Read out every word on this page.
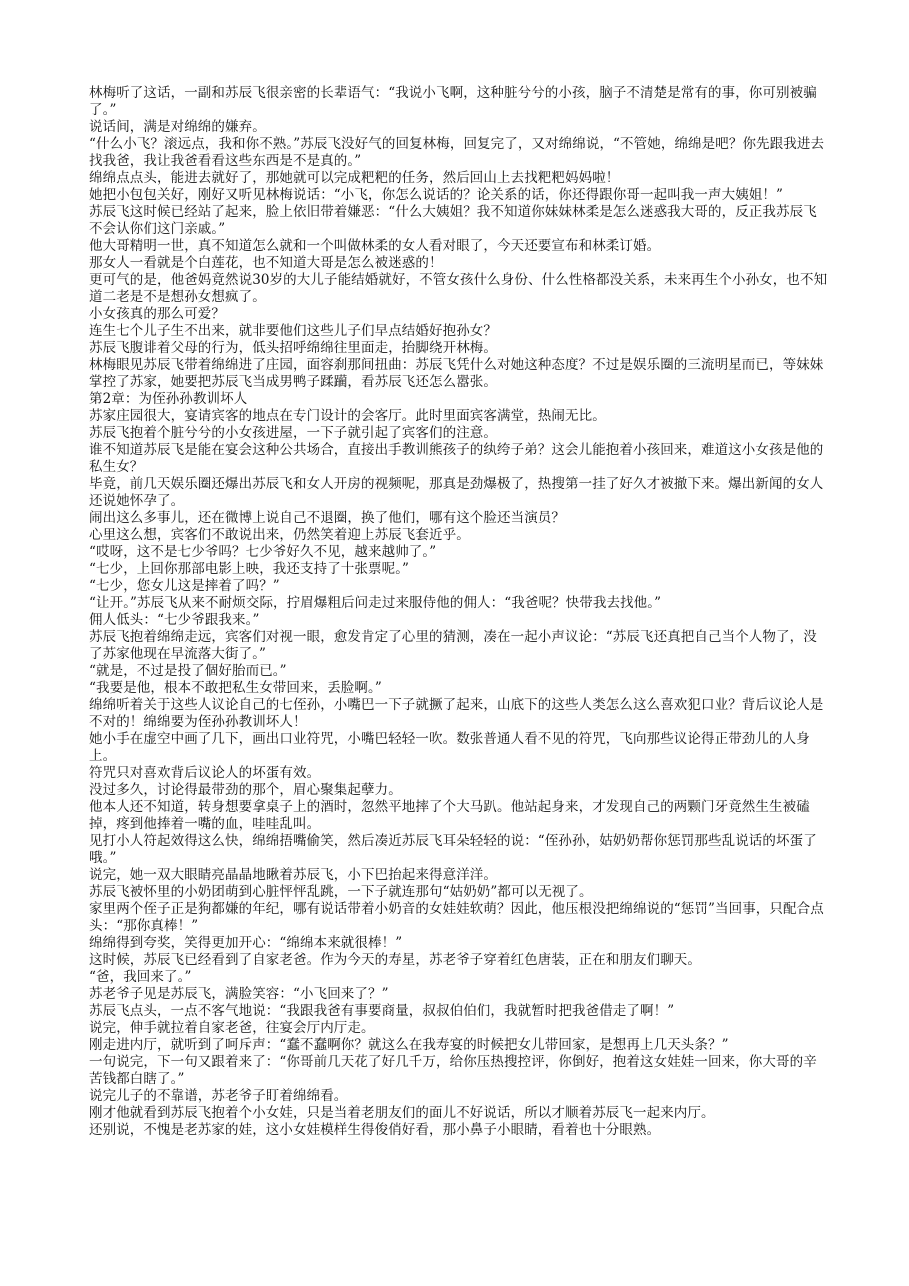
林梅听了这话，一副和苏辰飞很亲密的长辈语气：“我说小飞啊，这种脏兮兮的小孩，脑子不清楚是常有的事，你可别被骗了。”

说话间，满是对绵绵的嫌弃。

“什么小飞？滚远点，我和你不熟。”苏辰飞没好气的回复林梅，回复完了，又对绵绵说，“不管她，绵绵是吧？你先跟我进去找我爸，我让我爸看看这些东西是不是真的。”

绵绵点点头，能进去就好了，那她就可以完成粑粑的任务，然后回山上去找粑粑妈妈啦！

她把小包包关好，刚好又听见林梅说话：“小飞，你怎么说话的？论关系的话，你还得跟你哥一起叫我一声大姨姐！”

苏辰飞这时候已经站了起来，脸上依旧带着嫌恶：“什么大姨姐？我不知道你妹妹林柔是怎么迷惑我大哥的，反正我苏辰飞不会认你们这门亲戚。”

他大哥精明一世，真不知道怎么就和一个叫做林柔的女人看对眼了，今天还要宣布和林柔订婚。

那女人一看就是个白莲花，也不知道大哥是怎么被迷惑的！

更可气的是，他爸妈竟然说30岁的大儿子能结婚就好，不管女孩什么身份、什么性格都没关系，未来再生个小孙女，也不知道二老是不是想孙女想疯了。

小女孩真的那么可爱？

连生七个儿子生不出来，就非要他们这些儿子们早点结婚好抱孙女？

苏辰飞腹诽着父母的行为，低头招呼绵绵往里面走，抬脚绕开林梅。

林梅眼见苏辰飞带着绵绵进了庄园，面容刹那间扭曲：苏辰飞凭什么对她这种态度？不过是娱乐圈的三流明星而已，等妹妹掌控了苏家，她要把苏辰飞当成男鸭子蹂躏，看苏辰飞还怎么嚣张。

第2章：为侄孙孙教训坏人

苏家庄园很大，宴请宾客的地点在专门设计的会客厅。此时里面宾客满堂，热闹无比。

苏辰飞抱着个脏兮兮的小女孩进屋，一下子就引起了宾客们的注意。

谁不知道苏辰飞是能在宴会这种公共场合，直接出手教训熊孩子的纨绔子弟？这会儿能抱着小孩回来，难道这小女孩是他的私生女？

毕竟，前几天娱乐圈还爆出苏辰飞和女人开房的视频呢，那真是劲爆极了，热搜第一挂了好久才被撤下来。爆出新闻的女人还说她怀孕了。

闹出这么多事儿，还在微博上说自己不退圈，换了他们，哪有这个脸还当演员？

心里这么想，宾客们不敢说出来，仍然笑着迎上苏辰飞套近乎。

“哎呀，这不是七少爷吗？七少爷好久不见，越来越帅了。”

“七少，上回你那部电影上映，我还支持了十张票呢。”

“七少，您女儿这是摔着了吗？”

“让开。”苏辰飞从来不耐烦交际，拧眉爆粗后问走过来服侍他的佣人：“我爸呢？快带我去找他。”

佣人低头：“七少爷跟我来。”

苏辰飞抱着绵绵走远，宾客们对视一眼，愈发肯定了心里的猜测，凑在一起小声议论：“苏辰飞还真把自己当个人物了，没了苏家他现在早流落大街了。”

“就是，不过是投了個好胎而已。”

“我要是他，根本不敢把私生女带回来，丢脸啊。”

绵绵听着关于这些人议论自己的七侄孙，小嘴巴一下子就撅了起来，山底下的这些人类怎么这么喜欢犯口业？背后议论人是不对的！绵绵要为侄孙孙教训坏人！

她小手在虚空中画了几下，画出口业符咒，小嘴巴轻轻一吹。数张普通人看不见的符咒，飞向那些议论得正带劲儿的人身上。

符咒只对喜欢背后议论人的坏蛋有效。

没过多久，讨论得最带劲的那个，眉心聚集起孽力。

他本人还不知道，转身想要拿桌子上的酒时，忽然平地摔了个大马趴。他站起身来，才发现自己的两颗门牙竟然生生被磕掉，疼到他捧着一嘴的血，哇哇乱叫。

见打小人符起效得这么快，绵绵捂嘴偷笑，然后凑近苏辰飞耳朵轻轻的说：“侄孙孙，姑奶奶帮你惩罚那些乱说话的坏蛋了哦。”

说完，她一双大眼睛亮晶晶地瞅着苏辰飞，小下巴抬起来得意洋洋。

苏辰飞被怀里的小奶团萌到心脏怦怦乱跳，一下子就连那句“姑奶奶”都可以无视了。

家里两个侄子正是狗都嫌的年纪，哪有说话带着小奶音的女娃娃软萌？因此，他压根没把绵绵说的“惩罚”当回事，只配合点头：“那你真棒！”

绵绵得到夸奖，笑得更加开心：“绵绵本来就很棒！”

这时候，苏辰飞已经看到了自家老爸。作为今天的寿星，苏老爷子穿着红色唐装，正在和朋友们聊天。

“爸，我回来了。”

苏老爷子见是苏辰飞，满脸笑容：“小飞回来了？”

苏辰飞点头，一点不客气地说：“我跟我爸有事要商量，叔叔伯伯们，我就暂时把我爸借走了啊！”

说完，伸手就拉着自家老爸，往宴会厅内厅走。

刚走进内厅，就听到了呵斥声：“蠢不蠢啊你？就这么在我寿宴的时候把女儿带回家，是想再上几天头条？”

一句说完，下一句又跟着来了：“你哥前几天花了好几千万，给你压热搜控评，你倒好，抱着这女娃娃一回来，你大哥的辛苦钱都白瞎了。”

说完儿子的不靠谱，苏老爷子盯着绵绵看。

刚才他就看到苏辰飞抱着个小女娃，只是当着老朋友们的面儿不好说话，所以才顺着苏辰飞一起来内厅。

还别说，不愧是老苏家的娃，这小女娃模样生得俊俏好看，那小鼻子小眼睛，看着也十分眼熟。
